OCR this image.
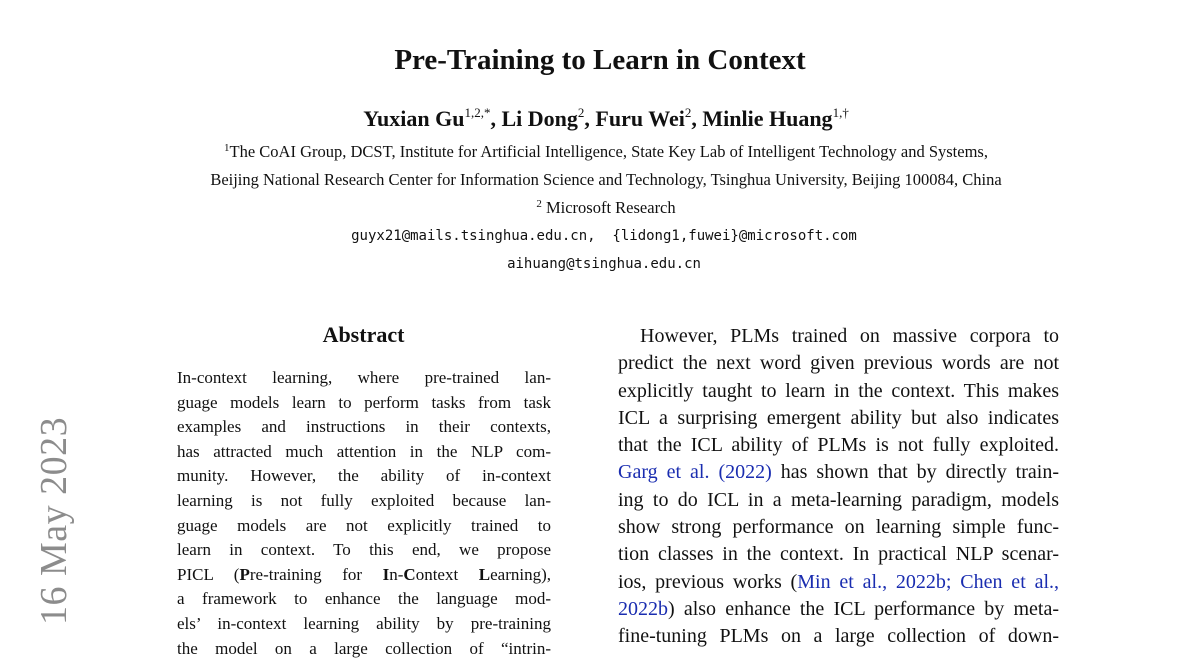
16 May 2023
Pre-Training to Learn in Context
Yuxian $Gu^{1,2,*}$, Li Dong$^2$, Furu Wei$^2$, Minlie Huang$^{1,\dagger}$
$^1$The CoAI Group, DCST, Institute for Artificial Intelligence, State Key Lab of Intelligent Technology and Systems,
Beijing National Research Center for Information Science and Technology, Tsinghua University, Beijing 100084, China
$^2$ Microsoft Research
guyx21@mails.tsinghua.edu.cn,  {lidong1,fuwei}@microsoft.com
aihuang@tsinghua.edu.cn
Abstract
In-context learning, where pre-trained lan-
guage models learn to perform tasks from task
examples and instructions in their contexts,
has attracted much attention in the NLP com-
munity. However, the ability of in-context
learning is not fully exploited because lan-
guage models are not explicitly trained to
learn in context. To this end, we propose
PICL (Pre-training for In-Context Learning),
a framework to enhance the language mod-
els’ in-context learning ability by pre-training
the model on a large collection of “intrin-
However, PLMs trained on massive corpora to
predict the next word given previous words are not
explicitly taught to learn in the context. This makes
ICL a surprising emergent ability but also indicates
that the ICL ability of PLMs is not fully exploited.
Garg et al. (2022) has shown that by directly train-
ing to do ICL in a meta-learning paradigm, models
show strong performance on learning simple func-
tion classes in the context. In practical NLP scenar-
ios, previous works (Min et al., 2022b; Chen et al.,
2022b) also enhance the ICL performance by meta-
fine-tuning PLMs on a large collection of down-
